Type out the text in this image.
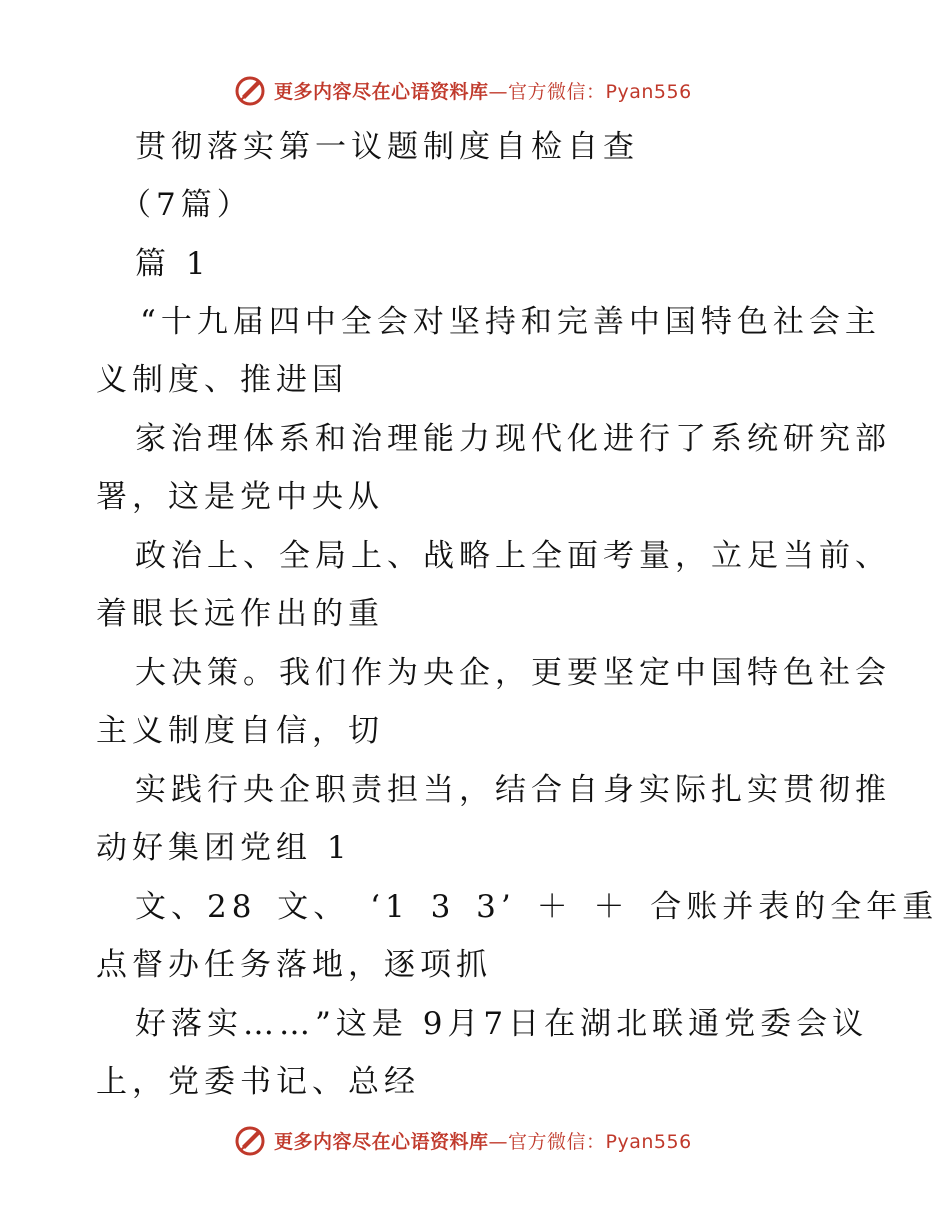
更多内容尽在心语资料库—官方微信：Pyan556
贯彻落实第一议题制度自检自查
（7篇）
篇 1
“十九届四中全会对坚持和完善中国特色社会主
义制度、推进国
家治理体系和治理能力现代化进行了系统研究部
署，这是党中央从
政治上、全局上、战略上全面考量，立足当前、
着眼长远作出的重
大决策。我们作为央企，更要坚定中国特色社会
主义制度自信，切
实践行央企职责担当，结合自身实际扎实贯彻推
动好集团党组 1
文、28 文、 ‘1 3 3’ ＋ ＋ 合账并表的全年重
点督办任务落地，逐项抓
好落实……”这是 9月7日在湖北联通党委会议
上，党委书记、总经
更多内容尽在心语资料库—官方微信：Pyan556
